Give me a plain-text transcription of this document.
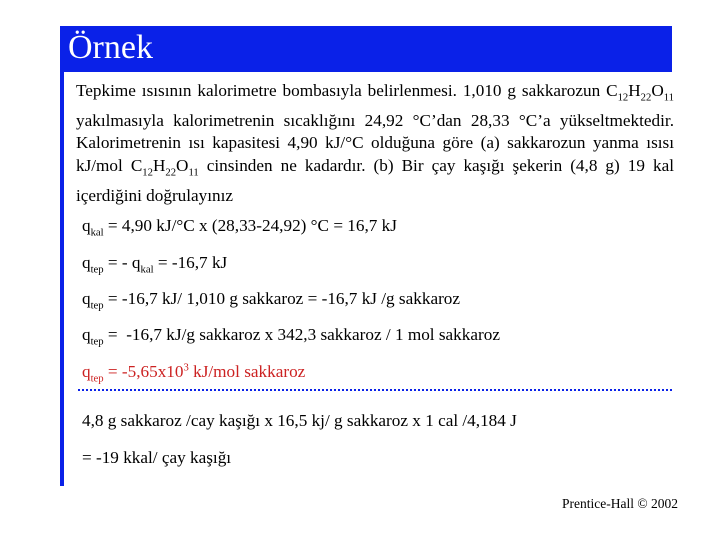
Örnek
Tepkime ısısının kalorimetre bombasıyla belirlenmesi. 1,010 g sakkarozun $C_{12}H_{22}O_{11}$  yakılmasıyla kalorimetrenin sıcaklığını 24,92 °C’dan 28,33 °C’a yükseltmektedir. Kalorimetrenin ısı kapasitesi 4,90 kJ/°C olduğuna göre (a) sakkarozun yanma ısısı kJ/mol $C_{12}H_{22}O_{11}$ cinsinden ne kadardır. (b) Bir çay kaşığı şekerin (4,8 g) 19 kal içerdiğini doğrulayınız
$q_{kal} = 4,90$ kJ/°C x (28,33-24,92) °C = 16,7 kJ
$q_{tep}$ = - $q_{kal} = -16,7$ kJ
$q_{tep} = -16,7$ kJ/ 1,010 g sakkaroz = -16,7 kJ /g sakkaroz
$q_{tep} = -16,7$ kJ/g sakkaroz x 342,3 sakkaroz / 1 mol sakkaroz
$q_{tep} = -5,65x10^3$ kJ/mol sakkaroz
4,8 g sakkaroz /cay kaşığı x 16,5 kj/ g sakkaroz x 1 cal /4,184 J
= -19 kkal/ çay kaşığı
Prentice-Hall © 2002
